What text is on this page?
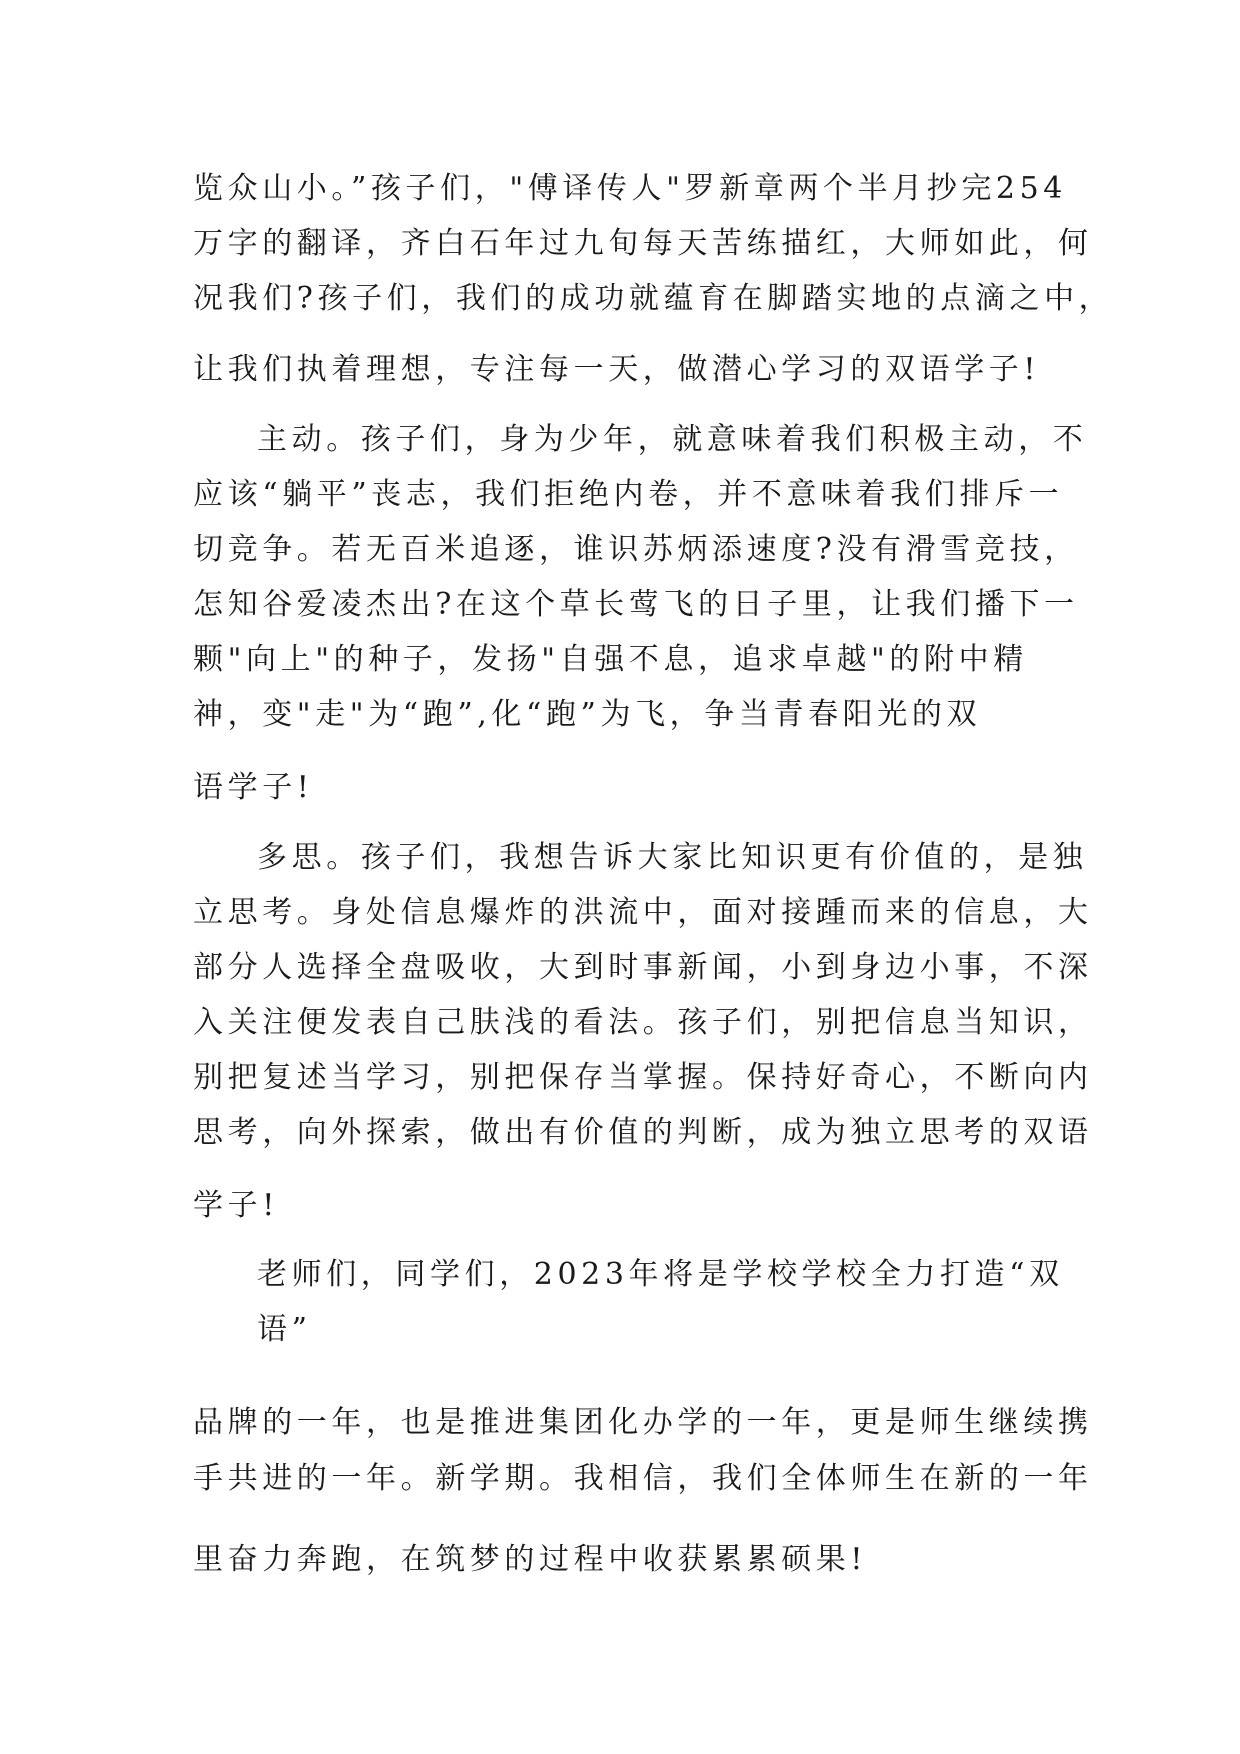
览众山小。”孩子们，"傅译传人"罗新章两个半月抄完254
万字的翻译，齐白石年过九旬每天苦练描红，大师如此，何
况我们?孩子们，我们的成功就蕴育在脚踏实地的点滴之中，
让我们执着理想，专注每一天，做潜心学习的双语学子!
主动。孩子们，身为少年，就意味着我们积极主动，不
应该“躺平”丧志，我们拒绝内卷，并不意味着我们排斥一
切竞争。若无百米追逐，谁识苏炳添速度?没有滑雪竞技，
怎知谷爱凌杰出?在这个草长莺飞的日子里，让我们播下一
颗"向上"的种子，发扬"自强不息，追求卓越"的附中精
神，变"走"为“跑”,化“跑”为飞，争当青春阳光的双
语学子!
多思。孩子们，我想告诉大家比知识更有价值的，是独
立思考。身处信息爆炸的洪流中，面对接踵而来的信息，大
部分人选择全盘吸收，大到时事新闻，小到身边小事，不深
入关注便发表自己肤浅的看法。孩子们，别把信息当知识，
别把复述当学习，别把保存当掌握。保持好奇心，不断向内
思考，向外探索，做出有价值的判断，成为独立思考的双语
学子!
老师们，同学们，2023年将是学校学校全力打造“双
语”
品牌的一年，也是推进集团化办学的一年，更是师生继续携
手共进的一年。新学期。我相信，我们全体师生在新的一年
里奋力奔跑，在筑梦的过程中收获累累硕果!
